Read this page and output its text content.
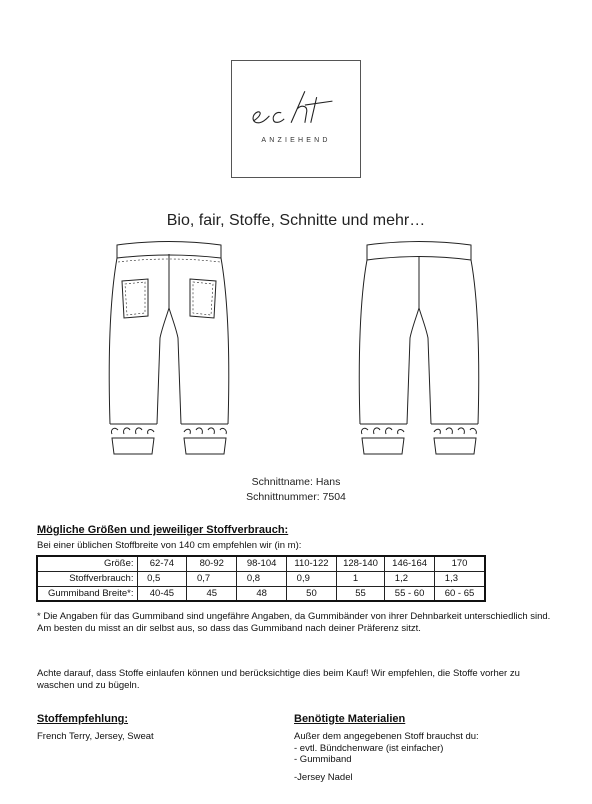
ANZIEHEND
Bio, fair, Stoffe, Schnitte und mehr…
Schnittname: Hans
Schnittnummer: 7504
Mögliche Größen und jeweiliger Stoffverbrauch:
Bei einer üblichen Stoffbreite von 140 cm empfehlen wir (in m):
Größe:	62-74	80-92	98-104	110-122	128-140	146-164	170
Stoffverbrauch:	0,5	0,7	0,8	0,9	1	1,2	1,3
Gummiband Breite*:	40-45	45	48	50	55	55 - 60	60 - 65
* Die Angaben für das Gummiband sind ungefähre Angaben, da Gummibänder von ihrer Dehnbarkeit unterschiedlich sind. Am besten du misst an dir selbst aus, so dass das Gummiband nach deiner Präferenz sitzt.
Achte darauf, dass Stoffe einlaufen können und berücksichtige dies beim Kauf! Wir empfehlen, die Stoffe vorher zu waschen und zu bügeln.
Stoffempfehlung:
French Terry, Jersey, Sweat
Benötigte Materialien
Außer dem angegebenen Stoff brauchst du:
- evtl. Bündchenware (ist einfacher)
- Gummiband
-Jersey Nadel
